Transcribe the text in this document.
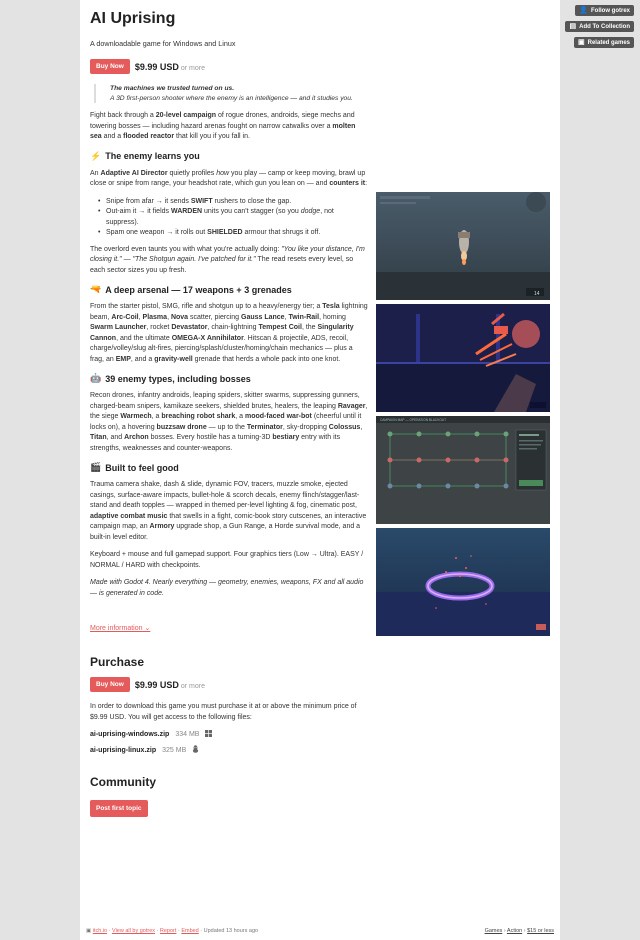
👤 Follow gotrex
▤ Add To Collection
▣ Related games
AI Uprising
A downloadable game for Windows and Linux
Buy Now	$9.99 USD or more
The machines we trusted turned on us.
A 3D first-person shooter where the enemy is an intelligence — and it studies you.

Fight back through a 20-level campaign of rogue drones, androids, siege mechs and towering bosses — including hazard arenas fought on narrow catwalks over a molten sea and a flooded reactor that kill you if you fall in.

⚡ The enemy learns you

An Adaptive AI Director quietly profiles how you play — camp or keep moving, brawl up close or snipe from range, your headshot rate, which gun you lean on — and counters it:

• Snipe from afar → it sends SWIFT rushers to close the gap.
• Out-aim it → it fields WARDEN units you can't stagger (so you dodge, not suppress).
• Spam one weapon → it rolls out SHIELDED armour that shrugs it off.

The overlord even taunts you with what you're actually doing: "You like your distance, I'm closing it." — "The Shotgun again. I've patched for it." The read resets every level, so each sector sizes you up fresh.

🔫 A deep arsenal — 17 weapons + 3 grenades

From the starter pistol, SMG, rifle and shotgun up to a heavy/energy tier; a Tesla lightning beam, Arc-Coil, Plasma, Nova scatter, piercing Gauss Lance, Twin-Rail, homing Swarm Launcher, rocket Devastator, chain-lightning Tempest Coil, the Singularity Cannon, and the ultimate OMEGA-X Annihilator. Hitscan & projectile, ADS, recoil, charge/volley/slug alt-fires, piercing/splash/cluster/homing/chain mechanics — plus a frag, an EMP, and a gravity-well grenade that herds a whole pack into one knot.

🤖 39 enemy types, including bosses

Recon drones, infantry androids, leaping spiders, skitter swarms, suppressing gunners, charged-beam snipers, kamikaze seekers, shielded brutes, healers, the leaping Ravager, the siege Warmech, a breaching robot shark, a mood-faced war-bot (cheerful until it locks on), a hovering buzzsaw drone — up to the Terminator, sky-dropping Colossus, Titan, and Archon bosses. Every hostile has a turning-3D bestiary entry with its strengths, weaknesses and counter-weapons.

🎬 Built to feel good

Trauma camera shake, dash & slide, dynamic FOV, tracers, muzzle smoke, ejected casings, surface-aware impacts, bullet-hole & scorch decals, enemy flinch/stagger/last-stand and death topples — wrapped in themed per-level lighting & fog, cinematic post, adaptive combat music that swells in a fight, comic-book story cutscenes, an interactive campaign map, an Armory upgrade shop, a Gun Range, a Horde survival mode, and a built-in level editor.

Keyboard + mouse and full gamepad support. Four graphics tiers (Low → Ultra). EASY / NORMAL / HARD with checkpoints.

Made with Godot 4. Nearly everything — geometry, enemies, weapons, FX and all audio — is generated in code.

More information ⌄
Purchase
Buy Now	$9.99 USD or more

In order to download this game you must purchase it at or above the minimum price of $9.99 USD. You will get access to the following files:

ai-uprising-windows.zip 334 MB
ai-uprising-linux.zip 325 MB
Community
Post first topic
14
CAMPAIGN MAP — OPERATION BLACKOUT
▣ itch.io · View all by gotrex · Report · Embed · Updated 13 hours ago	Games › Action › $15 or less
